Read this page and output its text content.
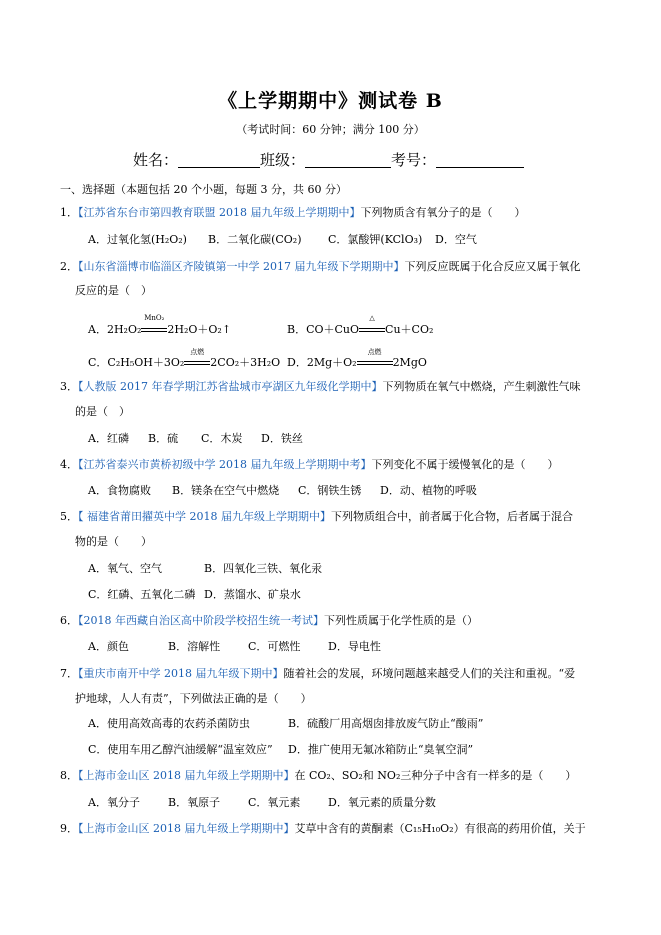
《上学期期中》测试卷 B
（考试时间：60 分钟；满分 100 分）
姓名：	班级：	考号：
一、选择题（本题包括 20 个小题，每题 3 分，共 60 分）
1．【江苏省东台市第四教育联盟 2018 届九年级上学期期中】下列物质含有氧分子的是（　　）
A．过氧化氢(H₂O₂) B．二氧化碳(CO₂) C．氯酸钾(KClO₃) D．空气
2．【山东省淄博市临淄区齐陵镇第一中学 2017 届九年级下学期期中】下列反应既属于化合反应又属于氧化
反应的是（　）
A．2H₂O₂
MnO₂
2H₂O＋O₂↑	B．CO＋CuO
△
Cu＋CO₂
C．C₂H₅OH＋3O₂
点燃
2CO₂＋3H₂O D．2Mg＋O₂
点燃
2MgO
3．【人教版 2017 年春学期江苏省盐城市亭湖区九年级化学期中】下列物质在氧气中燃烧，产生刺激性气味
的是（　）
A．红磷 B．硫 C．木炭 D．铁丝
4．【江苏省泰兴市黄桥初级中学 2018 届九年级上学期期中考】下列变化不属于缓慢氧化的是（　　）
A．食物腐败 B．镁条在空气中燃烧 C．钢铁生锈 D．动、植物的呼吸
5．【 福建省莆田擢英中学 2018 届九年级上学期期中】下列物质组合中，前者属于化合物，后者属于混合
物的是（　　）
A．氧气、空气	B．四氧化三铁、氧化汞
C．红磷、五氧化二磷 D．蒸馏水、矿泉水
6．【2018 年西藏自治区高中阶段学校招生统一考试】下列性质属于化学性质的是（）
A．颜色	B．溶解性	C．可燃性	D．导电性
7．【重庆市南开中学 2018 届九年级下期中】随着社会的发展，环境问题越来越受人们的关注和重视。“爱
护地球，人人有责”，下列做法正确的是（　　）
A．使用高效高毒的农药杀菌防虫	B．硫酸厂用高烟囱排放废气防止“酸雨”
C．使用车用乙醇汽油缓解“温室效应” D．推广使用无氟冰箱防止“臭氧空洞”
8．【上海市金山区 2018 届九年级上学期期中】在 CO₂、SO₂和 NO₂三种分子中含有一样多的是（　　）
A．氧分子	B．氧原子	C．氧元素	D．氧元素的质量分数
9．【上海市金山区 2018 届九年级上学期期中】艾草中含有的黄酮素（C₁₅H₁₀O₂）有很高的药用价值，关于
